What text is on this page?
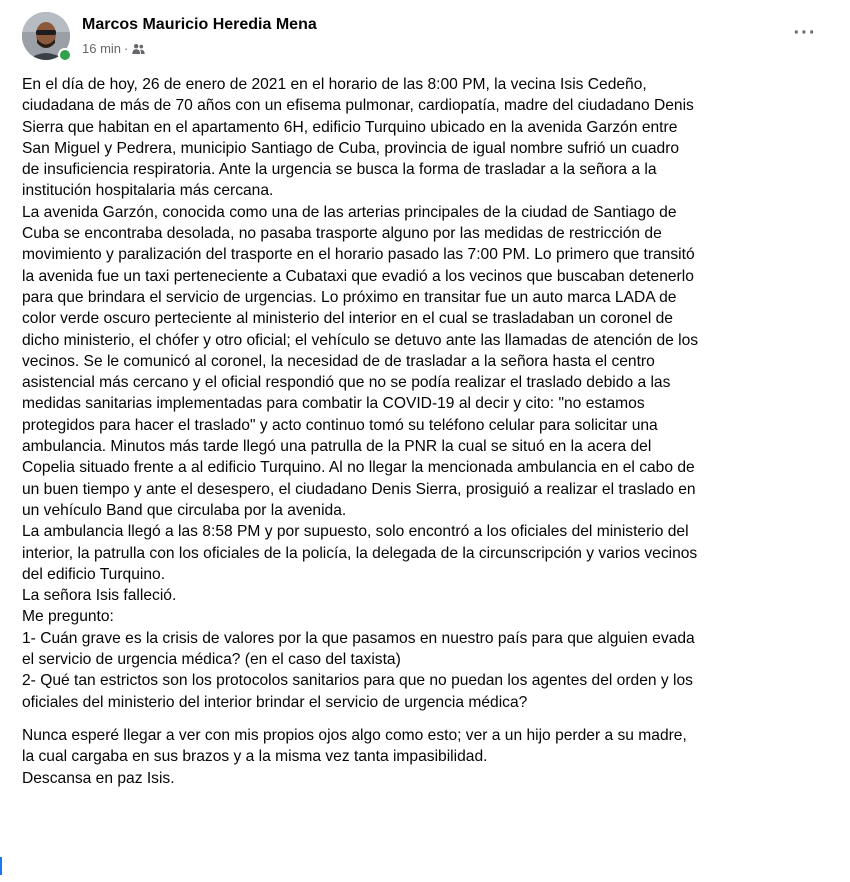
Marcos Mauricio Heredia Mena
16 min ·
···

En el día de hoy, 26 de enero de 2021 en el horario de las 8:00 PM, la vecina Isis Cedeño,
ciudadana de más de 70 años con un efisema pulmonar, cardiopatía, madre del ciudadano Denis
Sierra que habitan en el apartamento 6H, edificio Turquino ubicado en la avenida Garzón entre
San Miguel y Pedrera, municipio Santiago de Cuba, provincia de igual nombre sufrió un cuadro
de insuficiencia respiratoria. Ante la urgencia se busca la forma de trasladar a la señora a la
institución hospitalaria más cercana.
La avenida Garzón, conocida como una de las arterias principales de la ciudad de Santiago de
Cuba se encontraba desolada, no pasaba trasporte alguno por las medidas de restricción de
movimiento y paralización del trasporte en el horario pasado las 7:00 PM. Lo primero que transitó
la avenida fue un taxi perteneciente a Cubataxi que evadió a los vecinos que buscaban detenerlo
para que brindara el servicio de urgencias. Lo próximo en transitar fue un auto marca LADA de
color verde oscuro perteciente al ministerio del interior en el cual se trasladaban un coronel de
dicho ministerio, el chófer y otro oficial; el vehículo se detuvo ante las llamadas de atención de los
vecinos. Se le comunicó al coronel, la necesidad de de trasladar a la señora hasta el centro
asistencial más cercano y el oficial respondió que no se podía realizar el traslado debido a las
medidas sanitarias implementadas para combatir la COVID-19 al decir y cito: "no estamos
protegidos para hacer el traslado" y acto continuo tomó su teléfono celular para solicitar una
ambulancia. Minutos más tarde llegó una patrulla de la PNR la cual se situó en la acera del
Copelia situado frente a al edificio Turquino. Al no llegar la mencionada ambulancia en el cabo de
un buen tiempo y ante el desespero, el ciudadano Denis Sierra, prosiguió a realizar el traslado en
un vehículo Band que circulaba por la avenida.
La ambulancia llegó a las 8:58 PM y por supuesto, solo encontró a los oficiales del ministerio del
interior, la patrulla con los oficiales de la policía, la delegada de la circunscripción y varios vecinos
del edificio Turquino.
La señora Isis falleció.
Me pregunto:
1- Cuán grave es la crisis de valores por la que pasamos en nuestro país para que alguien evada
el servicio de urgencia médica? (en el caso del taxista)
2- Qué tan estrictos son los protocolos sanitarios para que no puedan los agentes del orden y los
oficiales del ministerio del interior brindar el servicio de urgencia médica?

Nunca esperé llegar a ver con mis propios ojos algo como esto; ver a un hijo perder a su madre,
la cual cargaba en sus brazos y a la misma vez tanta impasibilidad.
Descansa en paz Isis.
